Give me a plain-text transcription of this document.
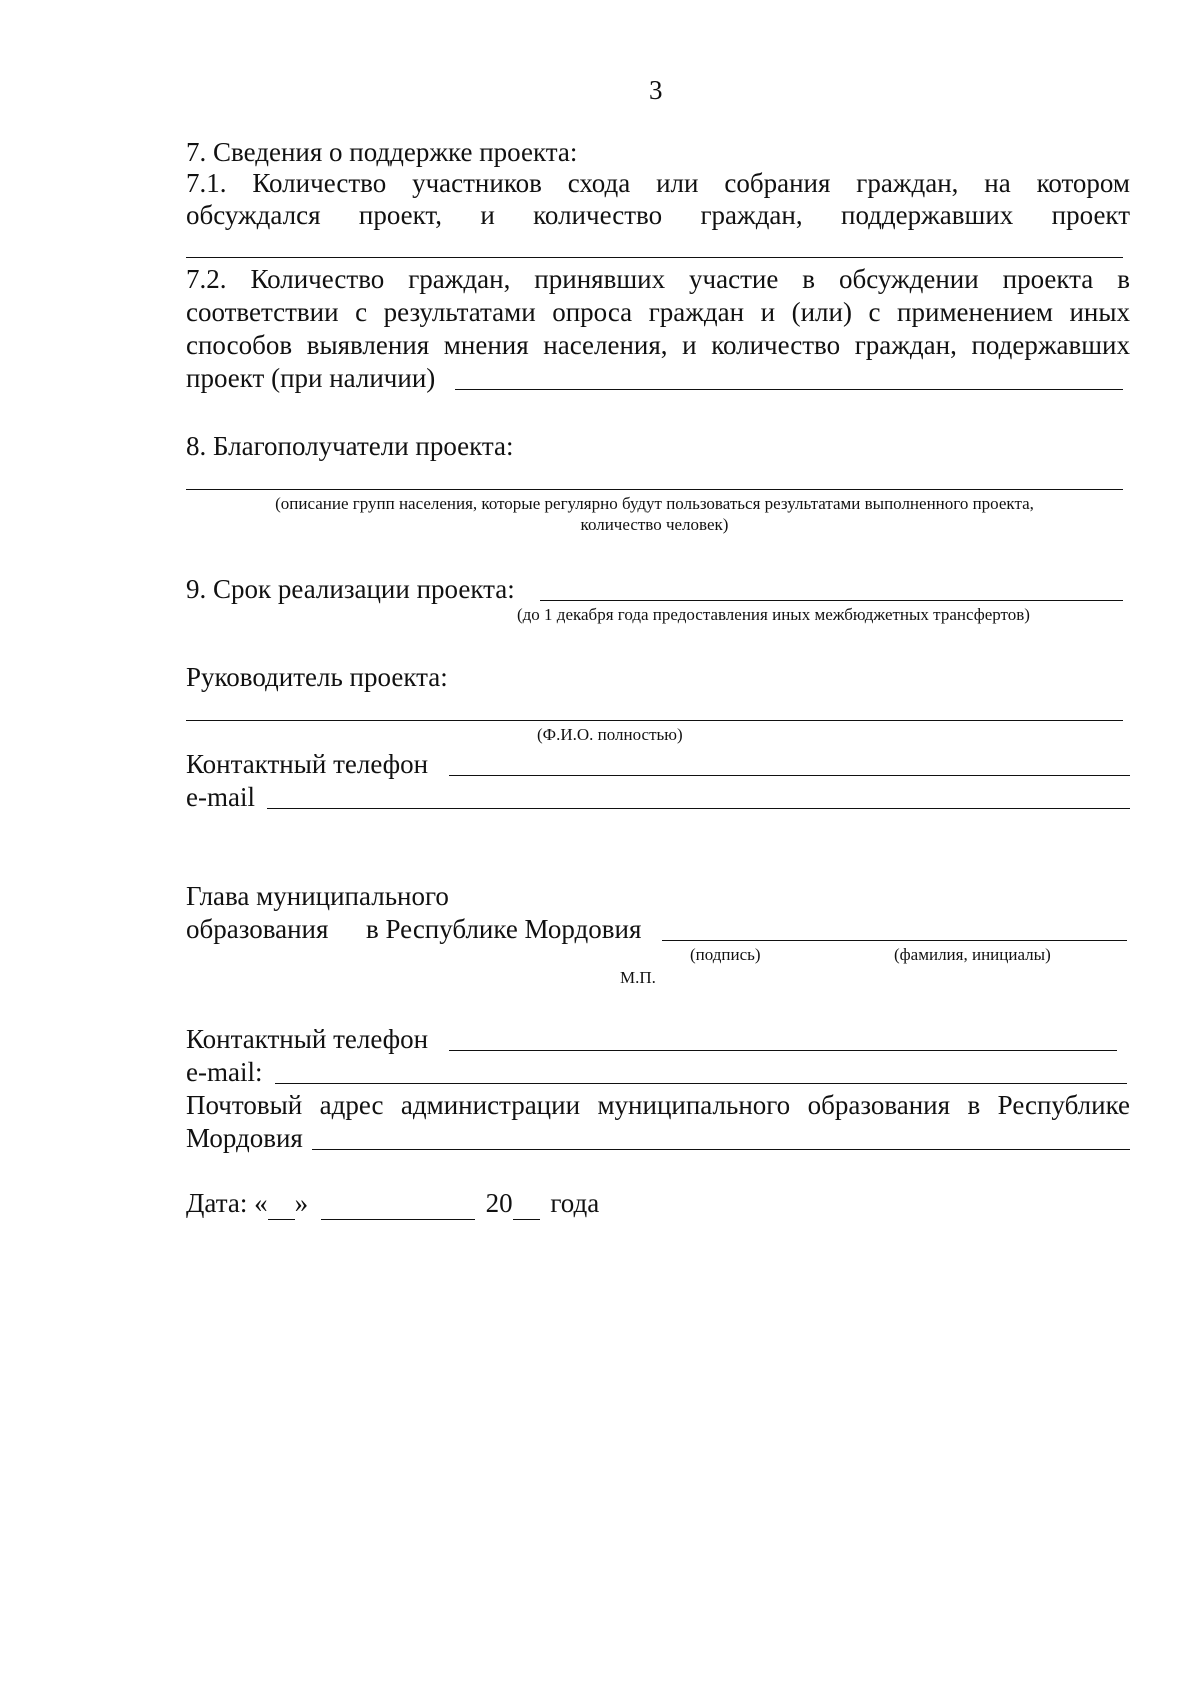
3
7. Сведения о поддержке проекта:
7.1. Количество участников схода или собрания граждан, на котором
обсуждался проект, и количество граждан, поддержавших проект
7.2. Количество граждан, принявших участие в обсуждении проекта в
соответствии с результатами опроса граждан и (или) с применением иных
способов выявления мнения населения, и количество граждан, подержавших
проект (при наличии)
8. Благополучатели проекта:
(описание групп населения, которые регулярно будут пользоваться результатами выполненного проекта,
количество человек)
9. Срок реализации проекта:
(до 1 декабря года предоставления иных межбюджетных трансфертов)
Руководитель проекта:
(Ф.И.О. полностью)
Контактный телефон
e-mail
Глава муниципального
образования в Республике Мордовия
(подпись)	(фамилия, инициалы)
М.П.
Контактный телефон
e-mail:
Почтовый адрес администрации муниципального образования в Республике
Мордовия
Дата: « »	20 года
